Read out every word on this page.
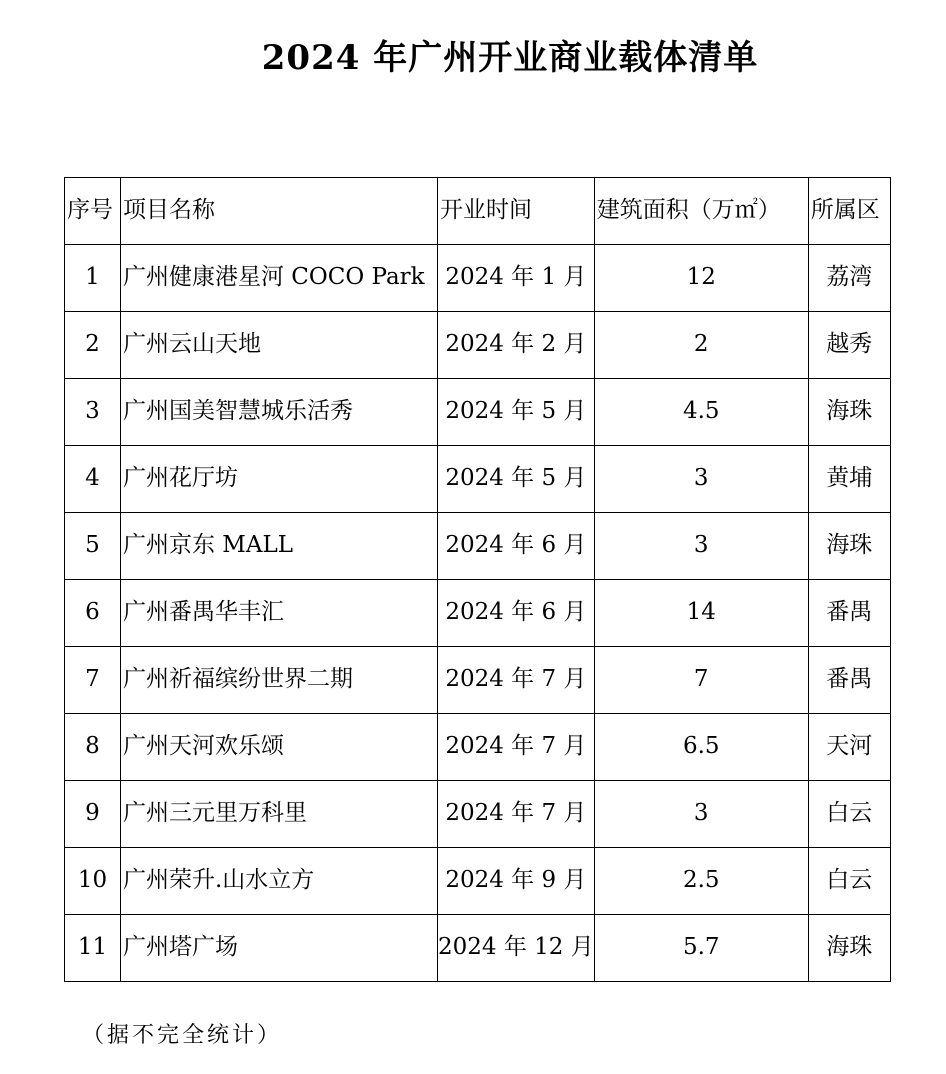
2024 年广州开业商业载体清单
序号	项目名称	开业时间	建筑面积（万㎡）	所属区
1	广州健康港星河 COCO Park	2024 年 1 月	12	荔湾
2	广州云山天地	2024 年 2 月	2	越秀
3	广州国美智慧城乐活秀	2024 年 5 月	4.5	海珠
4	广州花厅坊	2024 年 5 月	3	黄埔
5	广州京东 MALL	2024 年 6 月	3	海珠
6	广州番禺华丰汇	2024 年 6 月	14	番禺
7	广州祈福缤纷世界二期	2024 年 7 月	7	番禺
8	广州天河欢乐颂	2024 年 7 月	6.5	天河
9	广州三元里万科里	2024 年 7 月	3	白云
10	广州荣升.山水立方	2024 年 9 月	2.5	白云
11	广州塔广场	2024 年 12 月	5.7	海珠
（据不完全统计）
